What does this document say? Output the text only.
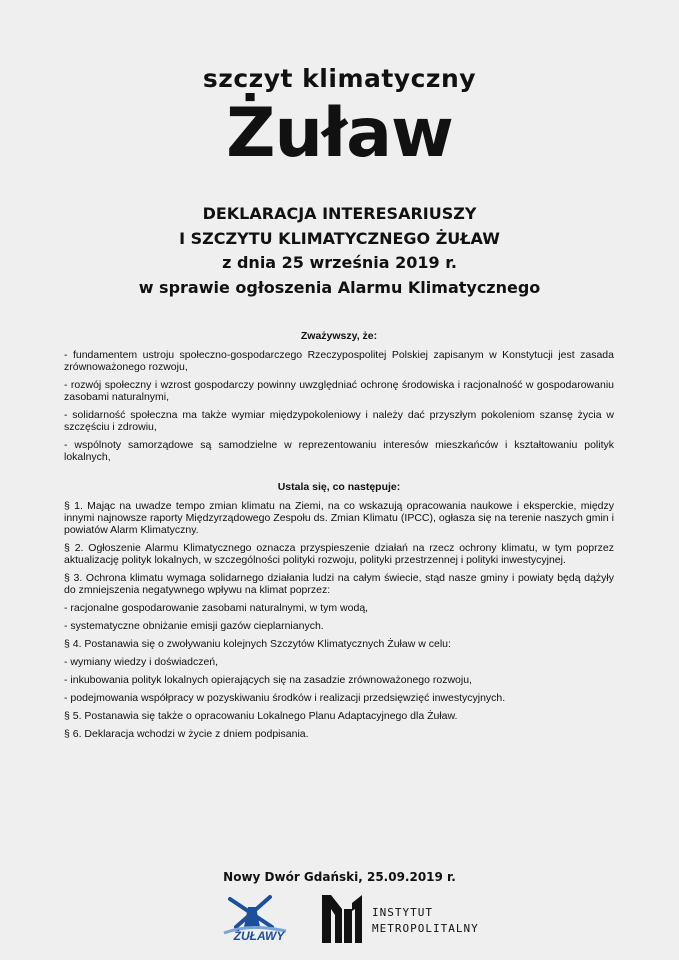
szczyt klimatyczny
Żuław
DEKLARACJA INTERESARIUSZY
I SZCZYTU KLIMATYCZNEGO ŻUŁAW
z dnia 25 września 2019 r.
w sprawie ogłoszenia Alarmu Klimatycznego
Zważywszy, że:
- fundamentem ustroju społeczno-gospodarczego Rzeczypospolitej Polskiej zapisanym w Konstytucji jest zasada zrównoważonego rozwoju,
- rozwój społeczny i wzrost gospodarczy powinny uwzględniać ochronę środowiska i racjonalność w gospodarowaniu zasobami naturalnymi,
- solidarność społeczna ma także wymiar międzypokoleniowy i należy dać przyszłym pokoleniom szansę życia w szczęściu i zdrowiu,
- wspólnoty samorządowe są samodzielne w reprezentowaniu interesów mieszkańców i kształtowaniu polityk lokalnych,
Ustala się, co następuje:
§ 1. Mając na uwadze tempo zmian klimatu na Ziemi, na co wskazują opracowania naukowe i eksperckie, między innymi najnowsze raporty Międzyrządowego Zespołu ds. Zmian Klimatu (IPCC), ogłasza się na terenie naszych gmin i powiatów Alarm Klimatyczny.
§ 2. Ogłoszenie Alarmu Klimatycznego oznacza przyspieszenie działań na rzecz ochrony klimatu, w tym poprzez aktualizację polityk lokalnych, w szczególności polityki rozwoju, polityki przestrzennej i polityki inwestycyjnej.
§ 3. Ochrona klimatu wymaga solidarnego działania ludzi na całym świecie, stąd nasze gminy i powiaty będą dążyły do zmniejszenia negatywnego wpływu na klimat poprzez:
- racjonalne gospodarowanie zasobami naturalnymi, w tym wodą,
- systematyczne obniżanie emisji gazów cieplarnianych.
§ 4. Postanawia się o zwoływaniu kolejnych Szczytów Klimatycznych Żuław w celu:
- wymiany wiedzy i doświadczeń,
- inkubowania polityk lokalnych opierających się na zasadzie zrównoważonego rozwoju,
- podejmowania współpracy w pozyskiwaniu środków i realizacji przedsięwzięć inwestycyjnych.
§ 5. Postanawia się także o opracowaniu Lokalnego Planu Adaptacyjnego dla Żuław.
§ 6. Deklaracja wchodzi w życie z dniem podpisania.
Nowy Dwór Gdański, 25.09.2019 r.
ŻUŁAWY
INSTYTUT
METROPOLITALNY
